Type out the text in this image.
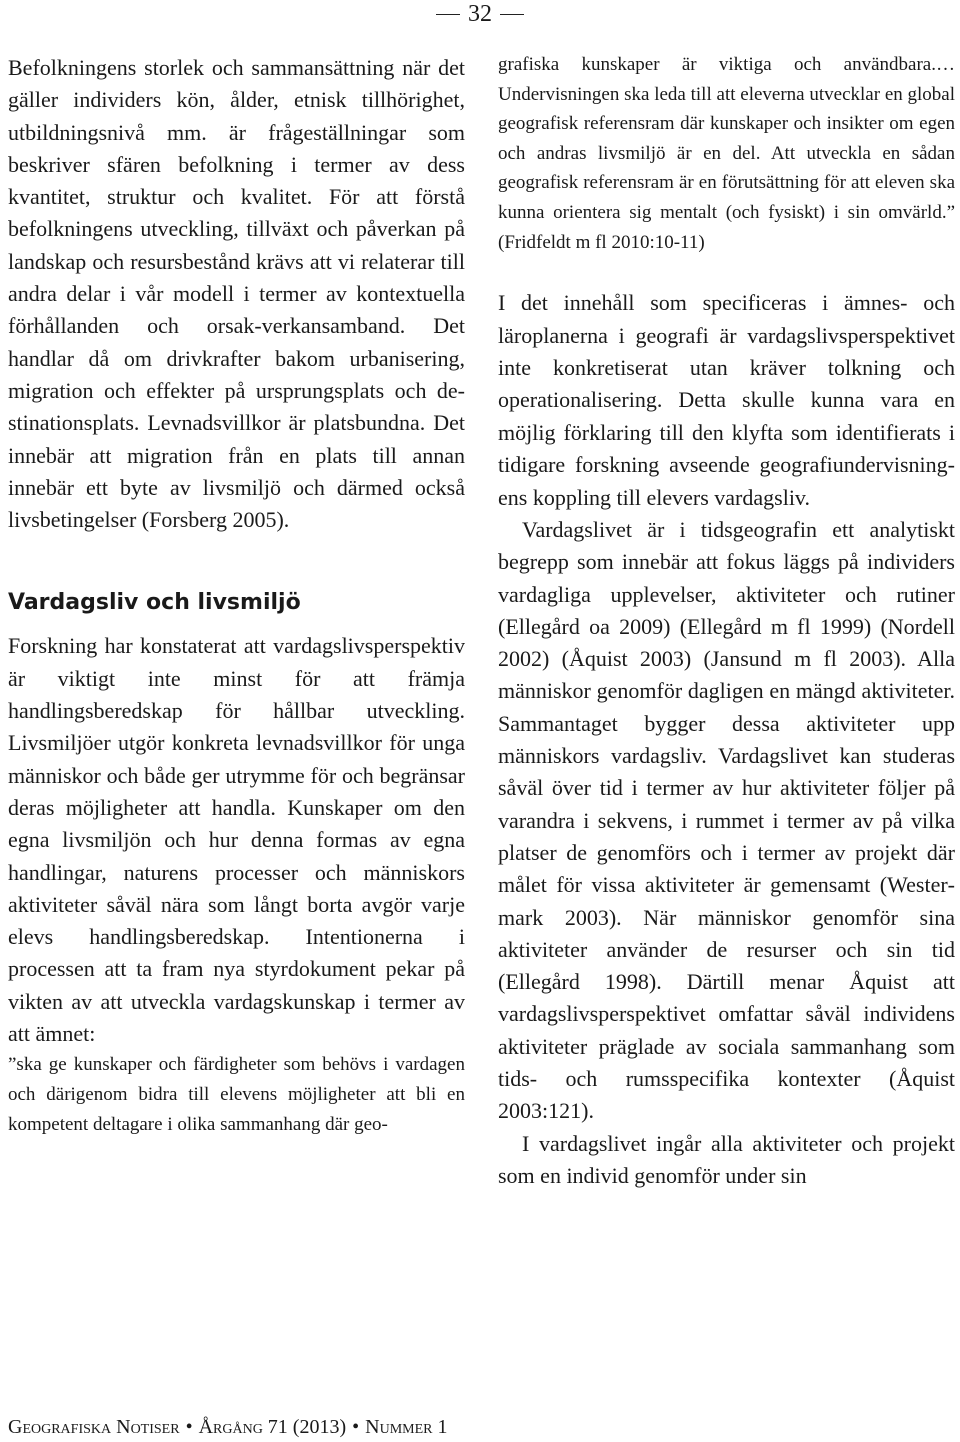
32

Befolkningens storlek och sammansättning när det gäller individers kön, ålder, etnisk tillhörighet, utbildningsnivå mm. är frågeställningar som beskriver sfären befolkning i termer av dess kvantitet, struktur och kvalitet. För att förstå befolkningens utveckling, tillväxt och påverkan på landskap och resursbestånd krävs att vi relaterar till andra delar i vår modell i termer av kontextuella förhållanden och orsak-verkansamband. Det handlar då om drivkrafter bakom urbanisering, migration och effekter på ursprungsplats och destinationsplats. Levnadsvillkor är platsbundna. Det innebär att migration från en plats till annan innebär ett byte av livsmiljö och därmed också livsbetingelser (Forsberg 2005).

Vardagsliv och livsmiljö

Forskning har konstaterat att vardagslivsperspektiv är viktigt inte minst för att främja handlingsberedskap för hållbar utveckling. Livsmiljöer utgör konkreta levnadsvillkor för unga människor och både ger utrymme för och begränsar deras möjligheter att handla. Kunskaper om den egna livsmiljön och hur denna formas av egna handlingar, naturens processer och människors aktiviteter såväl nära som långt borta avgör varje elevs handlingsberedskap. Intentionerna i processen att ta fram nya styrdokument pekar på vikten av att utveckla vardagskunskap i termer av att ämnet:

”ska ge kunskaper och färdigheter som behövs i vardagen och därigenom bidra till elevens möjligheter att bli en kompetent deltagare i olika sammanhang där geo-

grafiska kunskaper är viktiga och användbara.… Undervisningen ska leda till att eleverna utvecklar en global geografisk referensram där kunskaper och insikter om egen och andras livsmiljö är en del. Att utveckla en sådan geografisk referensram är en förutsättning för att eleven ska kunna orientera sig mentalt (och fysiskt) i sin omvärld.” (Fridfeldt m fl 2010:10-11)

I det innehåll som specificeras i ämnes- och läroplanerna i geografi är vardagslivsperspektivet inte konkretiserat utan kräver tolkning och operationalisering. Detta skulle kunna vara en möjlig förklaring till den klyfta som identifierats i tidigare forskning avseende geografiundervisningens koppling till elevers vardagsliv.

Vardagslivet är i tidsgeografin ett analytiskt begrepp som innebär att fokus läggs på individers vardagliga upplevelser, aktiviteter och rutiner (Ellegård oa 2009) (Ellegård m fl 1999) (Nordell 2002) (Åquist 2003) (Jansund m fl 2003). Alla människor genomför dagligen en mängd aktiviteter. Sammantaget bygger dessa aktiviteter upp människors vardagsliv. Vardagslivet kan studeras såväl över tid i termer av hur aktiviteter följer på varandra i sekvens, i rummet i termer av på vilka platser de genomförs och i termer av projekt där målet för vissa aktiviteter är gemensamt (Westermark 2003). När människor genomför sina aktiviteter använder de resurser och sin tid (Ellegård 1998). Därtill menar Åquist att vardagslivsperspektivet omfattar såväl individens aktiviteter präglade av sociala sammanhang som tids- och rumsspecifika kontexter (Åquist 2003:121).

I vardagslivet ingår alla aktiviteter och projekt som en individ genomför under sin

Geografiska Notiser • Årgång 71 (2013) • Nummer 1
